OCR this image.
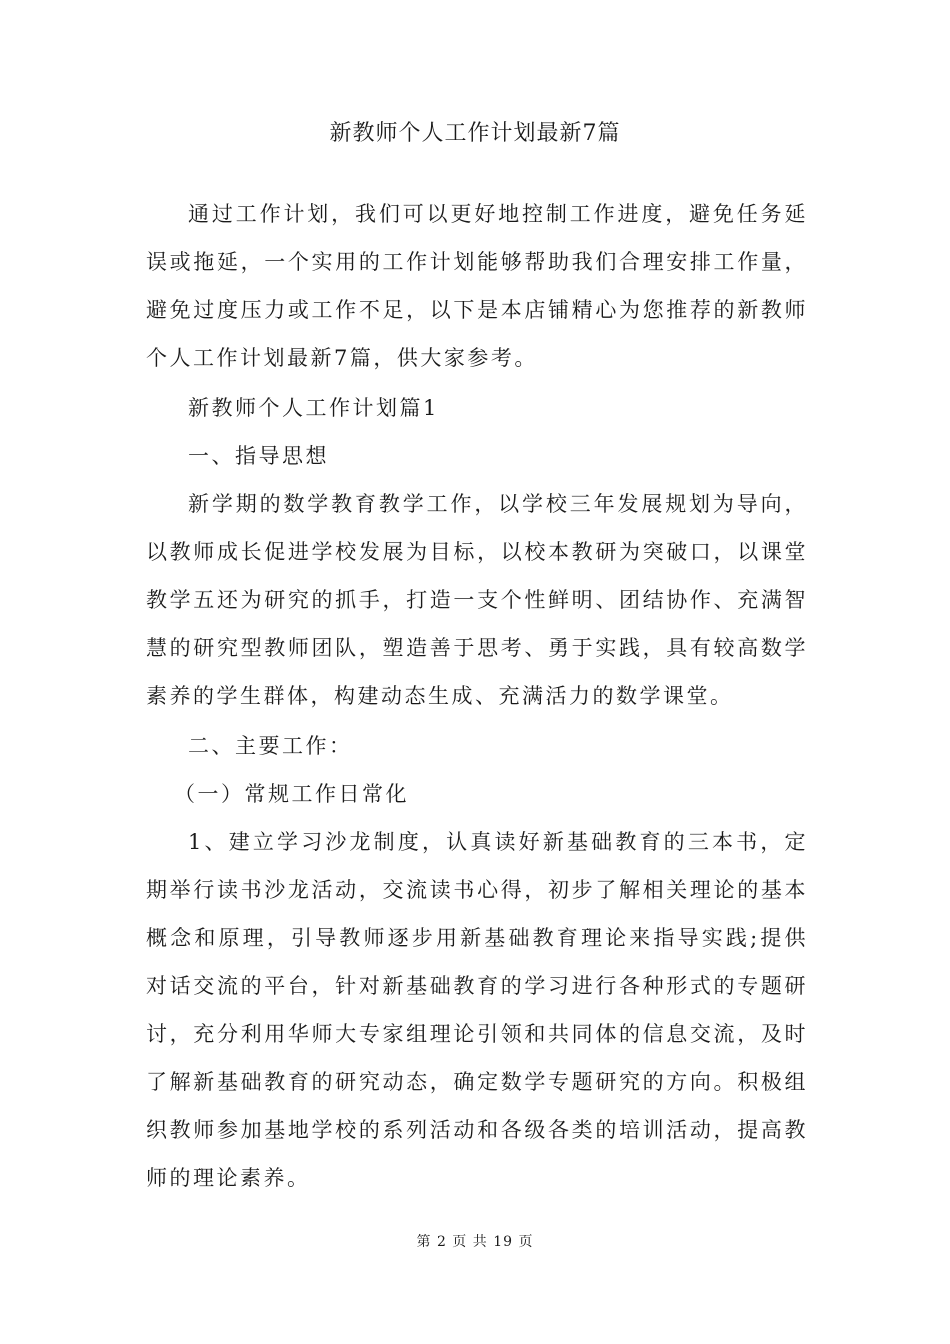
新教师个人工作计划最新7篇

通过工作计划，我们可以更好地控制工作进度，避免任务延误或拖延，一个实用的工作计划能够帮助我们合理安排工作量，避免过度压力或工作不足，以下是本店铺精心为您推荐的新教师个人工作计划最新7篇，供大家参考。

新教师个人工作计划篇1

一、指导思想

新学期的数学教育教学工作，以学校三年发展规划为导向，以教师成长促进学校发展为目标，以校本教研为突破口，以课堂教学五还为研究的抓手，打造一支个性鲜明、团结协作、充满智慧的研究型教师团队，塑造善于思考、勇于实践，具有较高数学素养的学生群体，构建动态生成、充满活力的数学课堂。

二、主要工作：

（一）常规工作日常化

1、建立学习沙龙制度，认真读好新基础教育的三本书，定期举行读书沙龙活动，交流读书心得，初步了解相关理论的基本概念和原理，引导教师逐步用新基础教育理论来指导实践;提供对话交流的平台，针对新基础教育的学习进行各种形式的专题研讨，充分利用华师大专家组理论引领和共同体的信息交流，及时了解新基础教育的研究动态，确定数学专题研究的方向。积极组织教师参加基地学校的系列活动和各级各类的培训活动，提高教师的理论素养。

第 2 页 共 19 页
